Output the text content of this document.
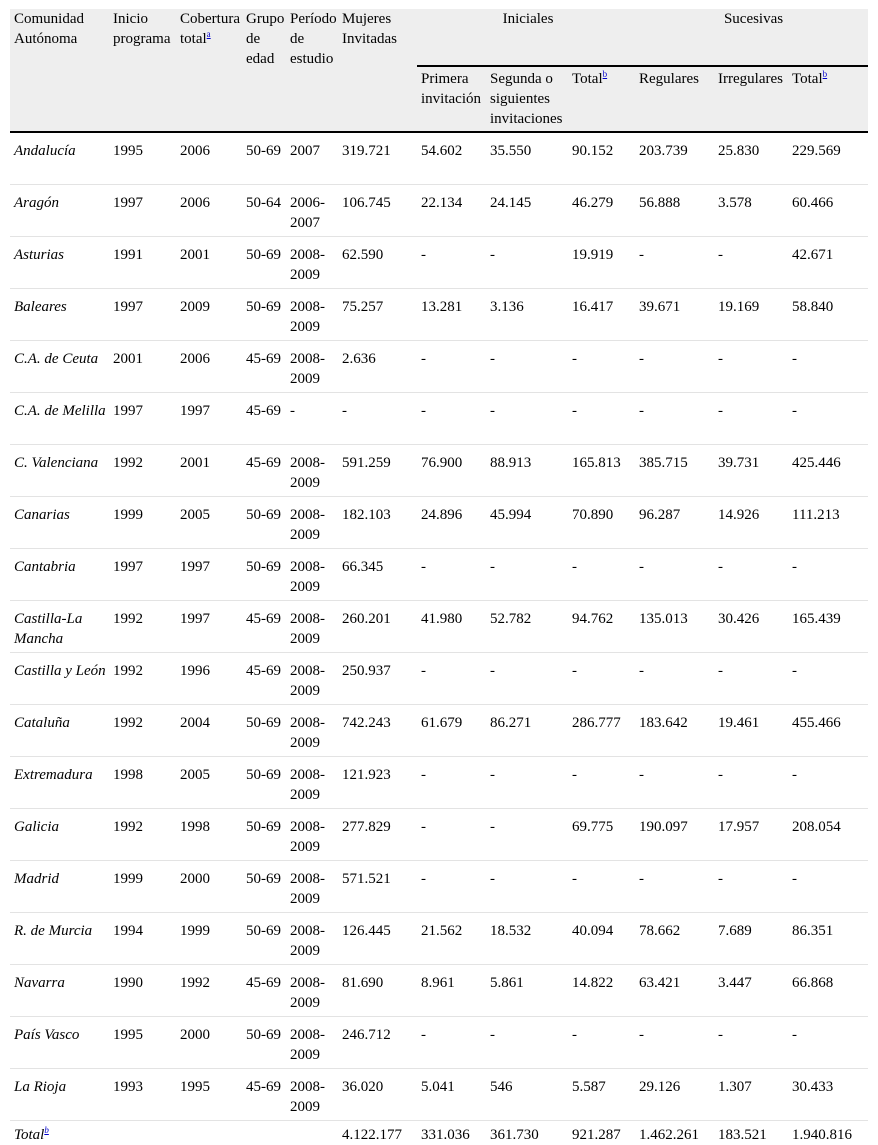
Comunidad Autónoma	Inicio programa	Cobertura total$^a$	Grupo de edad	Período de estudio	Mujeres Invitadas	Iniciales			Sucesivas		
						Primera invitación	Segunda o siguientes invitaciones	Total$^b$	Regulares	Irregulares	Total$^b$
Andalucía	1995	2006	50-69	2007	319.721	54.602	35.550	90.152	203.739	25.830	229.569
Aragón	1997	2006	50-64	2006-2007	106.745	22.134	24.145	46.279	56.888	3.578	60.466
Asturias	1991	2001	50-69	2008-2009	62.590	-	-	19.919	-	-	42.671
Baleares	1997	2009	50-69	2008-2009	75.257	13.281	3.136	16.417	39.671	19.169	58.840
C.A. de Ceuta	2001	2006	45-69	2008-2009	2.636	-	-	-	-	-	-
C.A. de Melilla	1997	1997	45-69	-	-	-	-	-	-	-	-
C. Valenciana	1992	2001	45-69	2008-2009	591.259	76.900	88.913	165.813	385.715	39.731	425.446
Canarias	1999	2005	50-69	2008-2009	182.103	24.896	45.994	70.890	96.287	14.926	111.213
Cantabria	1997	1997	50-69	2008-2009	66.345	-	-	-	-	-	-
Castilla-La Mancha	1992	1997	45-69	2008-2009	260.201	41.980	52.782	94.762	135.013	30.426	165.439
Castilla y León	1992	1996	45-69	2008-2009	250.937	-	-	-	-	-	-
Cataluña	1992	2004	50-69	2008-2009	742.243	61.679	86.271	286.777	183.642	19.461	455.466
Extremadura	1998	2005	50-69	2008-2009	121.923	-	-	-	-	-	-
Galicia	1992	1998	50-69	2008-2009	277.829	-	-	69.775	190.097	17.957	208.054
Madrid	1999	2000	50-69	2008-2009	571.521	-	-	-	-	-	-
R. de Murcia	1994	1999	50-69	2008-2009	126.445	21.562	18.532	40.094	78.662	7.689	86.351
Navarra	1990	1992	45-69	2008-2009	81.690	8.961	5.861	14.822	63.421	3.447	66.868
País Vasco	1995	2000	50-69	2008-2009	246.712	-	-	-	-	-	-
La Rioja	1993	1995	45-69	2008-2009	36.020	5.041	546	5.587	29.126	1.307	30.433
Total$^b$					4.122.177	331.036	361.730	921.287	1.462.261	183.521	1.940.816
